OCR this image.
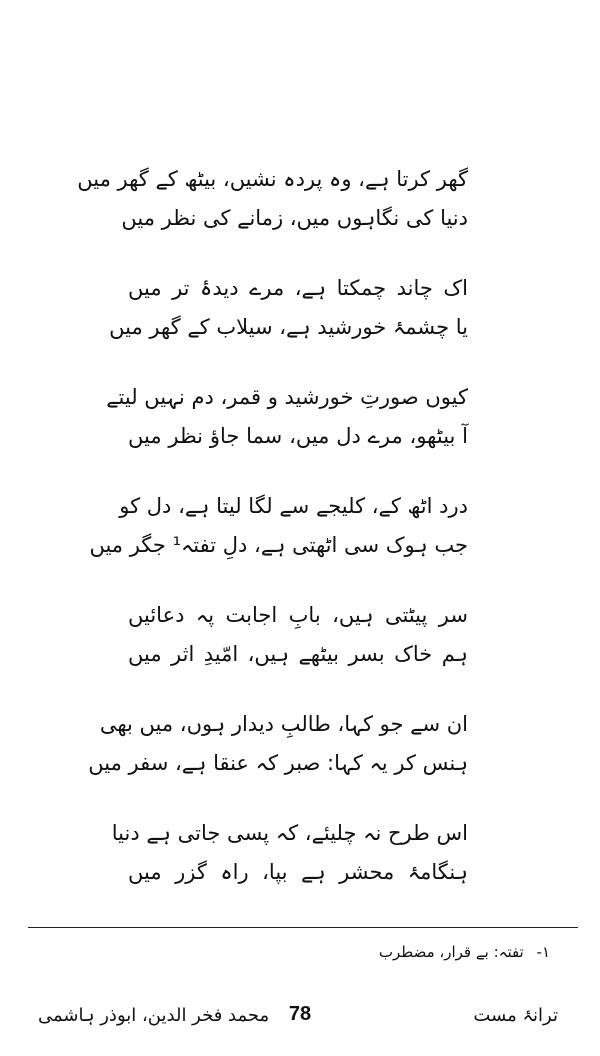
گھر کرتا ہے، وہ پردہ نشیں، بیٹھ کے گھر میں
دنیا کی نگاہوں میں، زمانے کی نظر میں
اک چاند چمکتا ہے، مرے دیدۂ تر میں
یا چشمۂ خورشید ہے، سیلاب کے گھر میں
کیوں صورتِ خورشید و قمر، دم نہیں لیتے
آ بیٹھو، مرے دل میں، سما جاؤ نظر میں
درد اٹھ کے، کلیجے سے لگا لیتا ہے، دل کو
جب ہوک سی اٹھتی ہے، دلِ تفتہ¹ جگر میں
سر پیٹتی ہیں، بابِ اجابت پہ دعائیں
ہم خاک بسر بیٹھے ہیں، امّیدِ اثر میں
ان سے جو کہا، طالبِ دیدار ہوں، میں بھی
ہنس کر یہ کہا: صبر کہ عنقا ہے، سفر میں
اس طرح نہ چلیئے، کہ پسی جاتی ہے دنیا
ہنگامۂ محشر ہے بپا، راہ گزر میں
۱- تفتہ: بے قرار، مضطرب
محمد فخر الدین، ابوذر ہاشمی 78	ترانۂ مست
